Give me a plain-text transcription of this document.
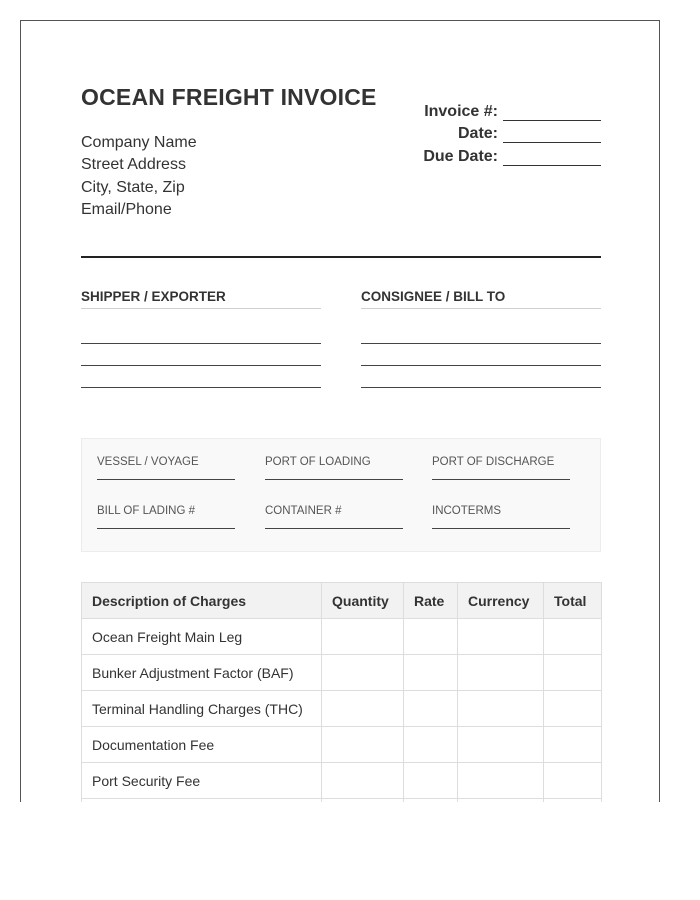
OCEAN FREIGHT INVOICE
Company Name
Street Address
City, State, Zip
Email/Phone
Invoice #:
Date:
Due Date:
SHIPPER / EXPORTER	CONSIGNEE / BILL TO
VESSEL / VOYAGE	PORT OF LOADING	PORT OF DISCHARGE
BILL OF LADING #	CONTAINER #	INCOTERMS
Description of Charges	Quantity	Rate	Currency	Total
Ocean Freight Main Leg				
Bunker Adjustment Factor (BAF)				
Terminal Handling Charges (THC)				
Documentation Fee				
Port Security Fee				
